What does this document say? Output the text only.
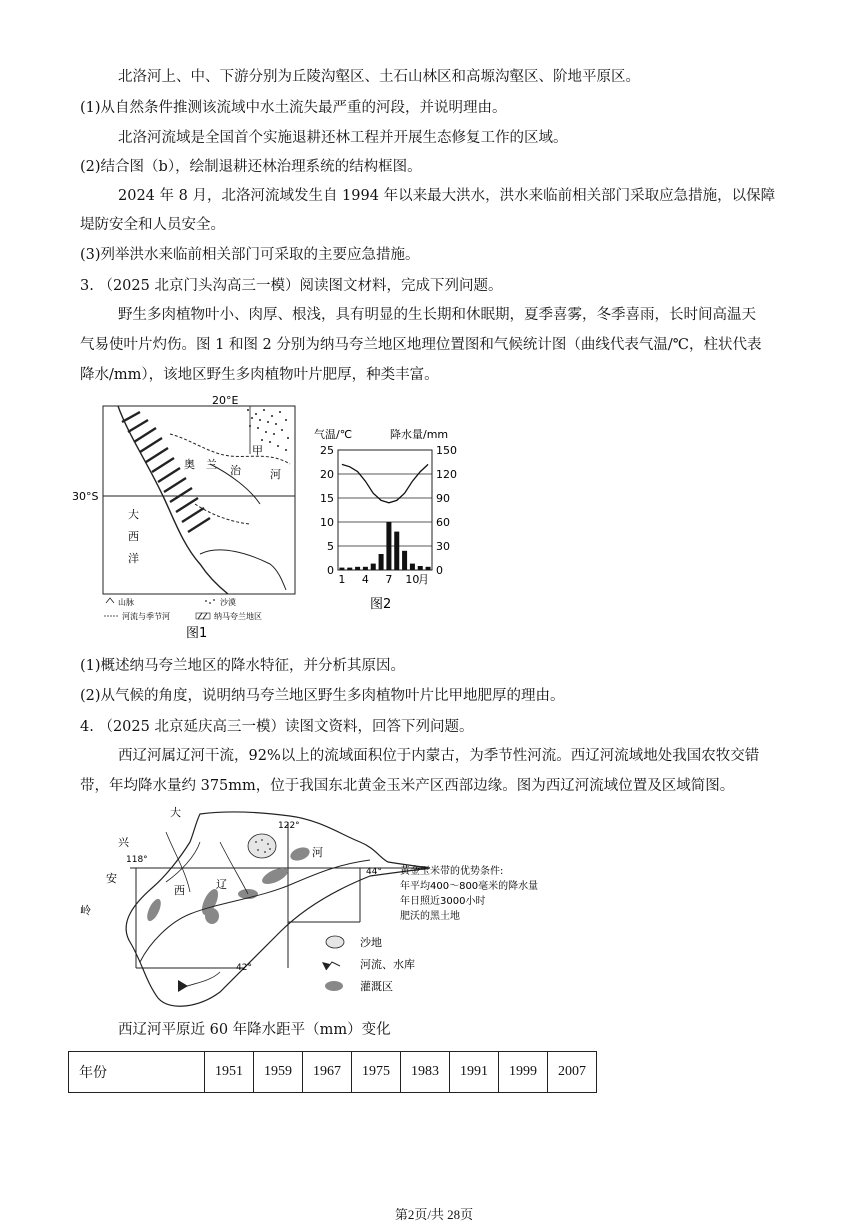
北洛河上、中、下游分别为丘陵沟壑区、土石山林区和高塬沟壑区、阶地平原区。
(1)从自然条件推测该流域中水土流失最严重的河段，并说明理由。
北洛河流域是全国首个实施退耕还林工程并开展生态修复工作的区域。
(2)结合图（b），绘制退耕还林治理系统的结构框图。
2024 年 8 月，北洛河流域发生自 1994 年以来最大洪水，洪水来临前相关部门采取应急措施，以保障
堤防安全和人员安全。
(3)列举洪水来临前相关部门可采取的主要应急措施。
3. （2025 北京门头沟高三一模）阅读图文材料，完成下列问题。
野生多肉植物叶小、肉厚、根浅，具有明显的生长期和休眠期，夏季喜雾，冬季喜雨，长时间高温天
气易使叶片灼伤。图 1 和图 2 分别为纳马夸兰地区地理位置图和气候统计图（曲线代表气温/℃，柱状代表
降水/mm），该地区野生多肉植物叶片肥厚，种类丰富。
20°E
30°S
大
西
洋
奥 兰 治	河
甲
山脉	沙漠
河流与季节河	纳马夸兰地区
图1
气温/℃	降水量/mm
0
5
10
15
20
25
0
30
60
90
120
150
1 4 7 10
月
图2
(1)概述纳马夸兰地区的降水特征，并分析其原因。
(2)从气候的角度，说明纳马夸兰地区野生多肉植物叶片比甲地肥厚的理由。
4. （2025 北京延庆高三一模）读图文资料，回答下列问题。
西辽河属辽河干流，92%以上的流域面积位于内蒙古，为季节性河流。西辽河流域地处我国农牧交错
带，年均降水量约 375mm，位于我国东北黄金玉米产区西部边缘。图为西辽河流域位置及区域简图。
大
兴
安
岭
西	辽
河
122°
118°
44°
42°
黄金玉米带的优势条件:
年平均400～800毫米的降水量
年日照近3000小时
肥沃的黑土地
沙地
河流、水库
灌溉区
西辽河平原近 60 年降水距平（mm）变化
年份	1951	1959	1967	1975	1983	1991	1999	2007
第2页/共 28页
